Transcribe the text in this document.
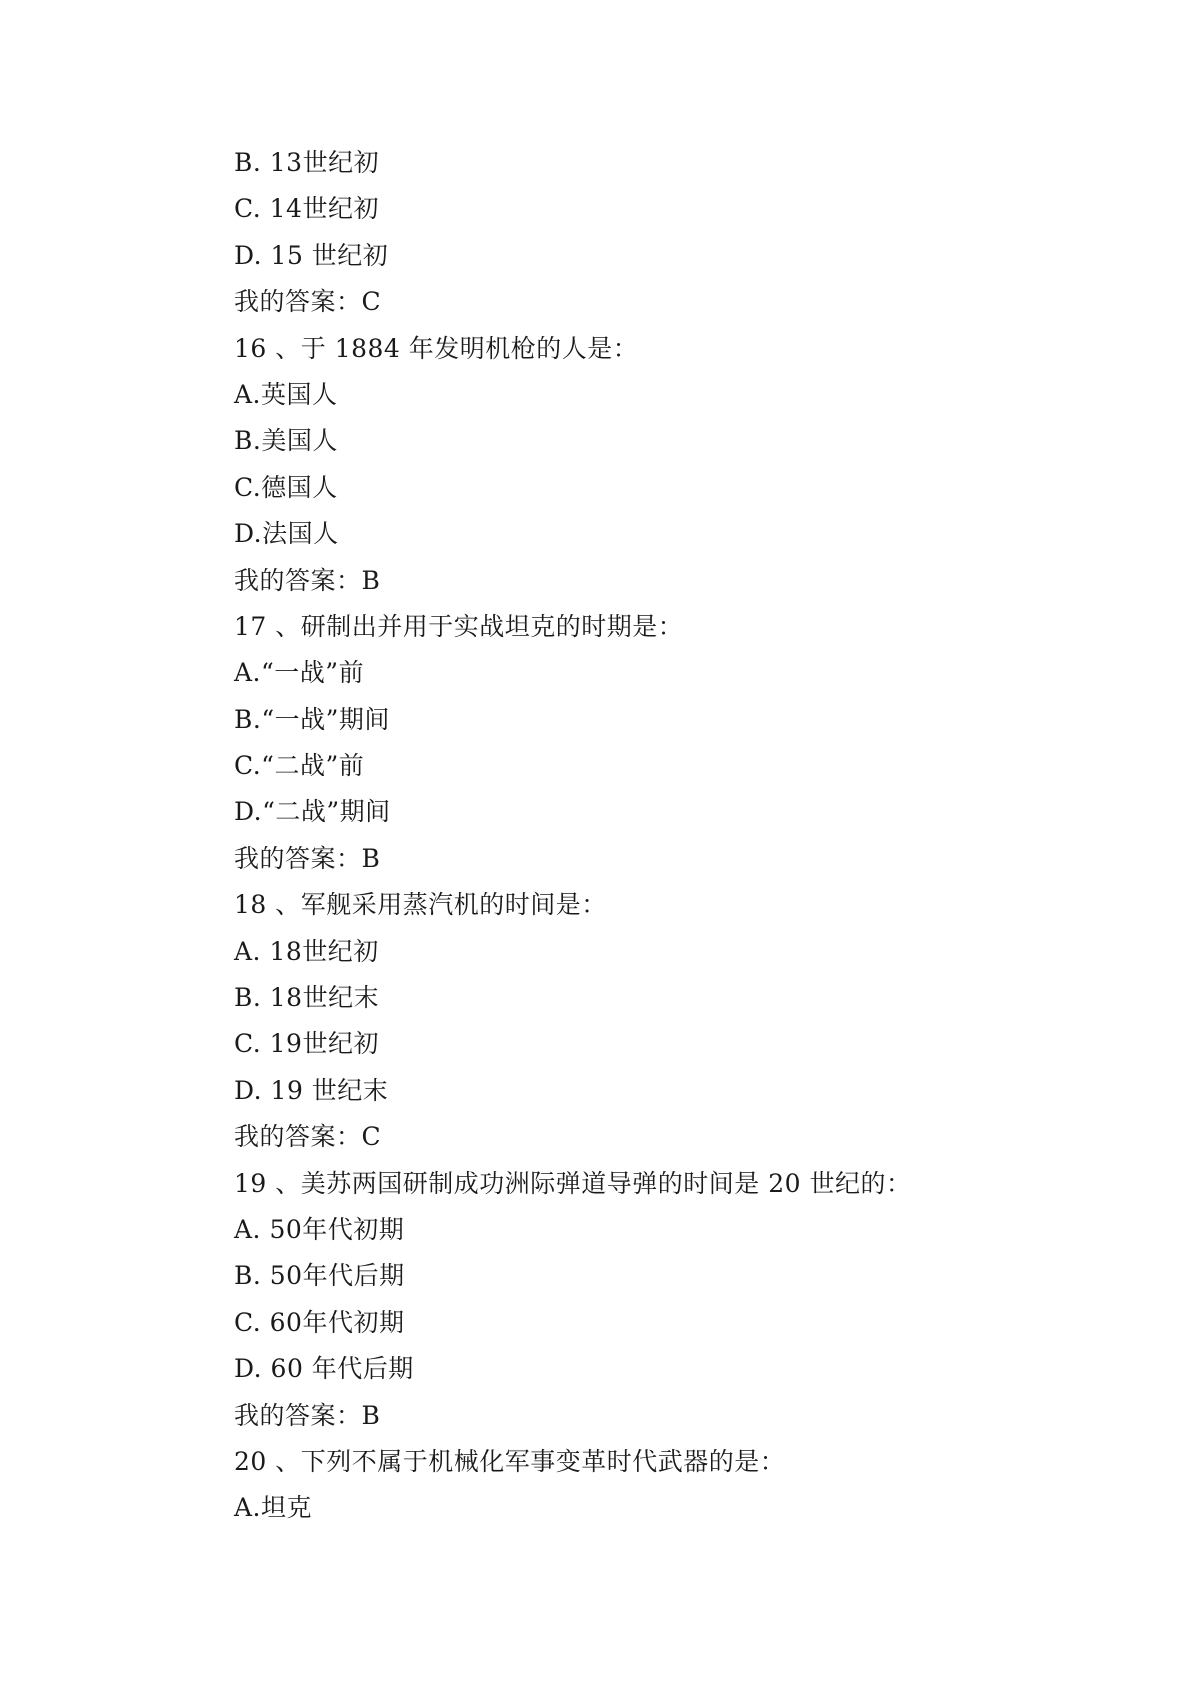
B. 13世纪初
C. 14世纪初
D. 15 世纪初
我的答案：C
16 、于 1884 年发明机枪的人是：
A.英国人
B.美国人
C.德国人
D.法国人
我的答案：B
17 、研制出并用于实战坦克的时期是：
A.“一战”前
B.“一战”期间
C.“二战”前
D.“二战”期间
我的答案：B
18 、军舰采用蒸汽机的时间是：
A. 18世纪初
B. 18世纪末
C. 19世纪初
D. 19 世纪末
我的答案：C
19 、美苏两国研制成功洲际弹道导弹的时间是 20 世纪的：
A. 50年代初期
B. 50年代后期
C. 60年代初期
D. 60 年代后期
我的答案：B
20 、下列不属于机械化军事变革时代武器的是：
A.坦克
